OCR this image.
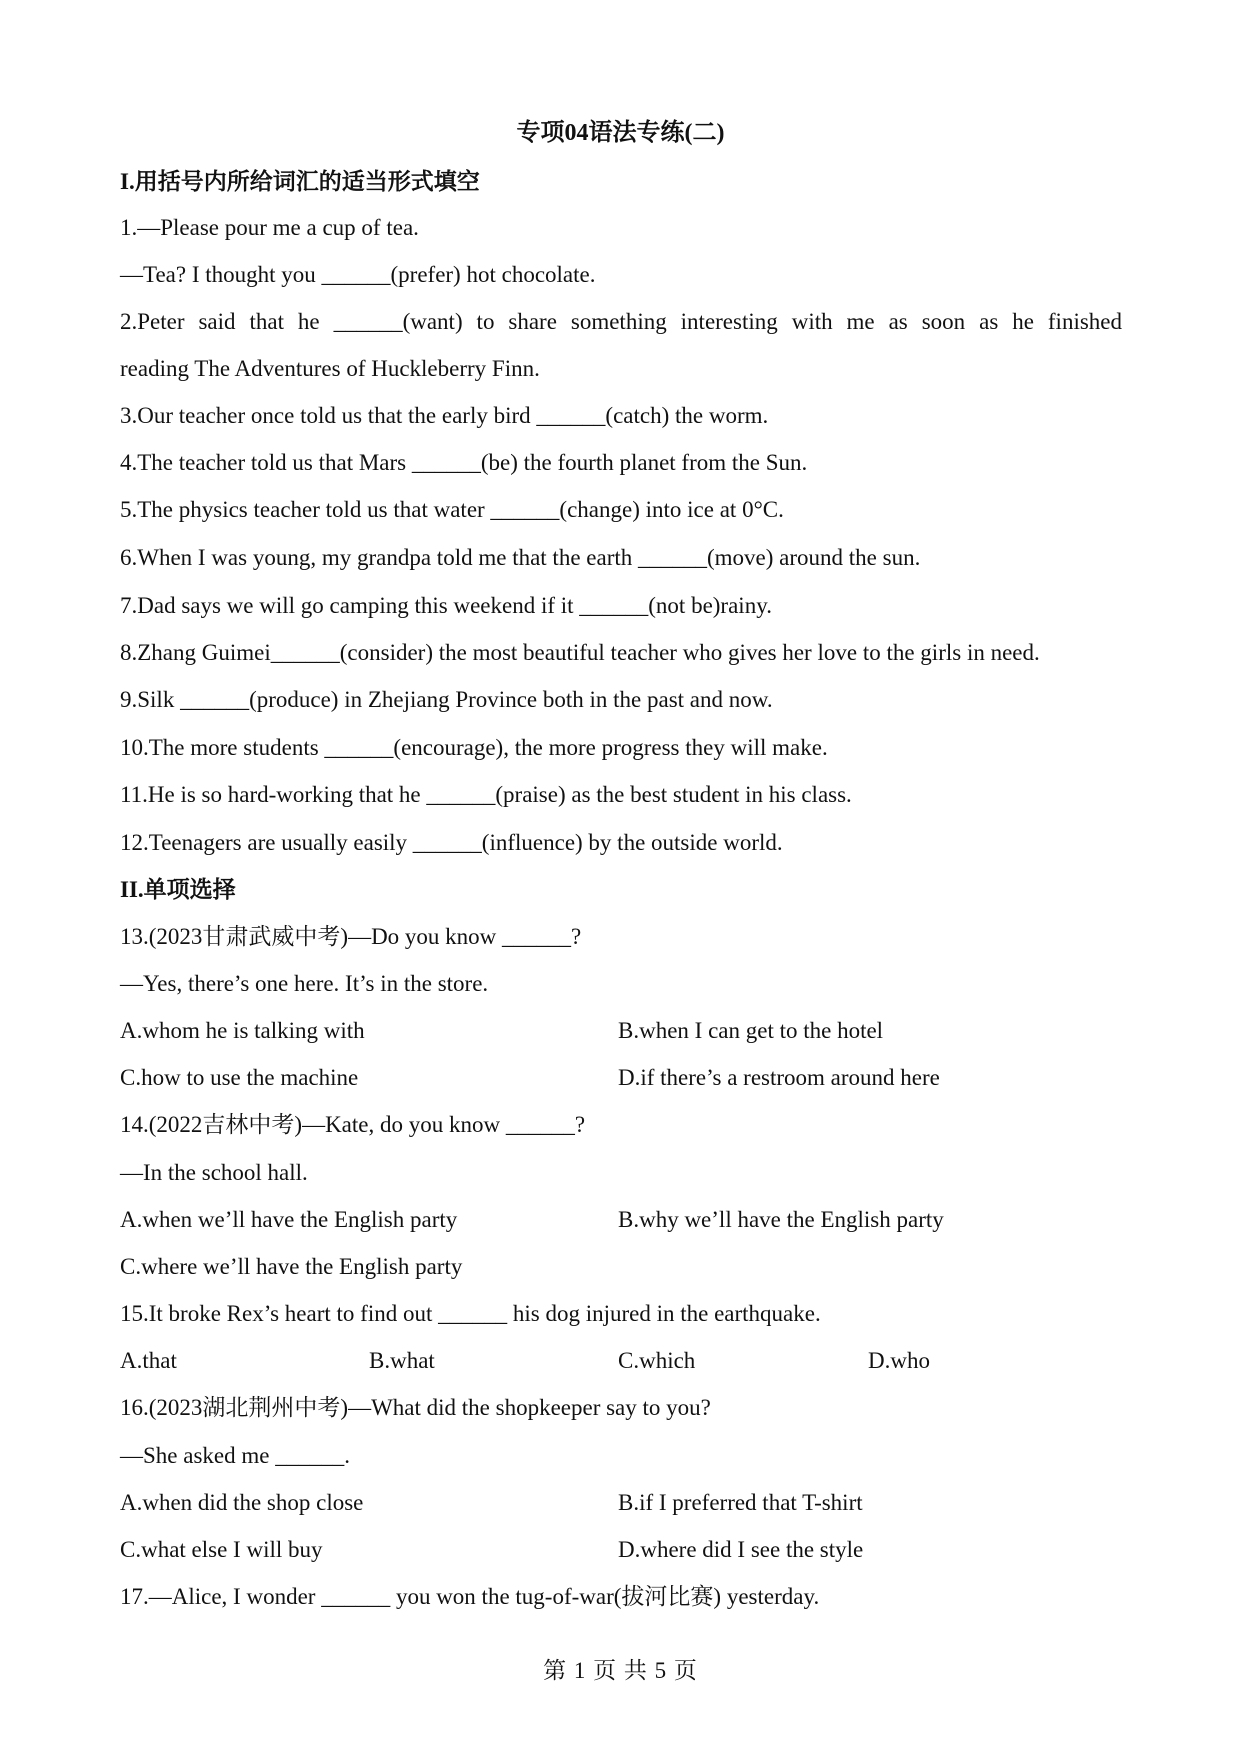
专项04语法专练(二)
I.用括号内所给词汇的适当形式填空
1.—Please pour me a cup of tea.
—Tea? I thought you ______(prefer) hot chocolate.
2.Peter said that he ______(want) to share something interesting with me as soon as he finished
reading The Adventures of Huckleberry Finn.
3.Our teacher once told us that the early bird ______(catch) the worm.
4.The teacher told us that Mars ______(be) the fourth planet from the Sun.
5.The physics teacher told us that water ______(change) into ice at 0°C.
6.When I was young, my grandpa told me that the earth ______(move) around the sun.
7.Dad says we will go camping this weekend if it ______(not be)rainy.
8.Zhang Guimei______(consider) the most beautiful teacher who gives her love to the girls in need.
9.Silk ______(produce) in Zhejiang Province both in the past and now.
10.The more students ______(encourage), the more progress they will make.
11.He is so hard-working that he ______(praise) as the best student in his class.
12.Teenagers are usually easily ______(influence) by the outside world.
II.单项选择
13.(2023甘肃武威中考)—Do you know ______?
—Yes, there’s one here. It’s in the store.
A.whom he is talking with	B.when I can get to the hotel
C.how to use the machine	D.if there’s a restroom around here
14.(2022吉林中考)—Kate, do you know ______?
—In the school hall.
A.when we’ll have the English party	B.why we’ll have the English party
C.where we’ll have the English party
15.It broke Rex’s heart to find out ______ his dog injured in the earthquake.
A.that	B.what	C.which	D.who
16.(2023湖北荆州中考)—What did the shopkeeper say to you?
—She asked me ______.
A.when did the shop close	B.if I preferred that T-shirt
C.what else I will buy	D.where did I see the style
17.—Alice, I wonder ______ you won the tug-of-war(拔河比赛) yesterday.
第 1 页 共 5 页
